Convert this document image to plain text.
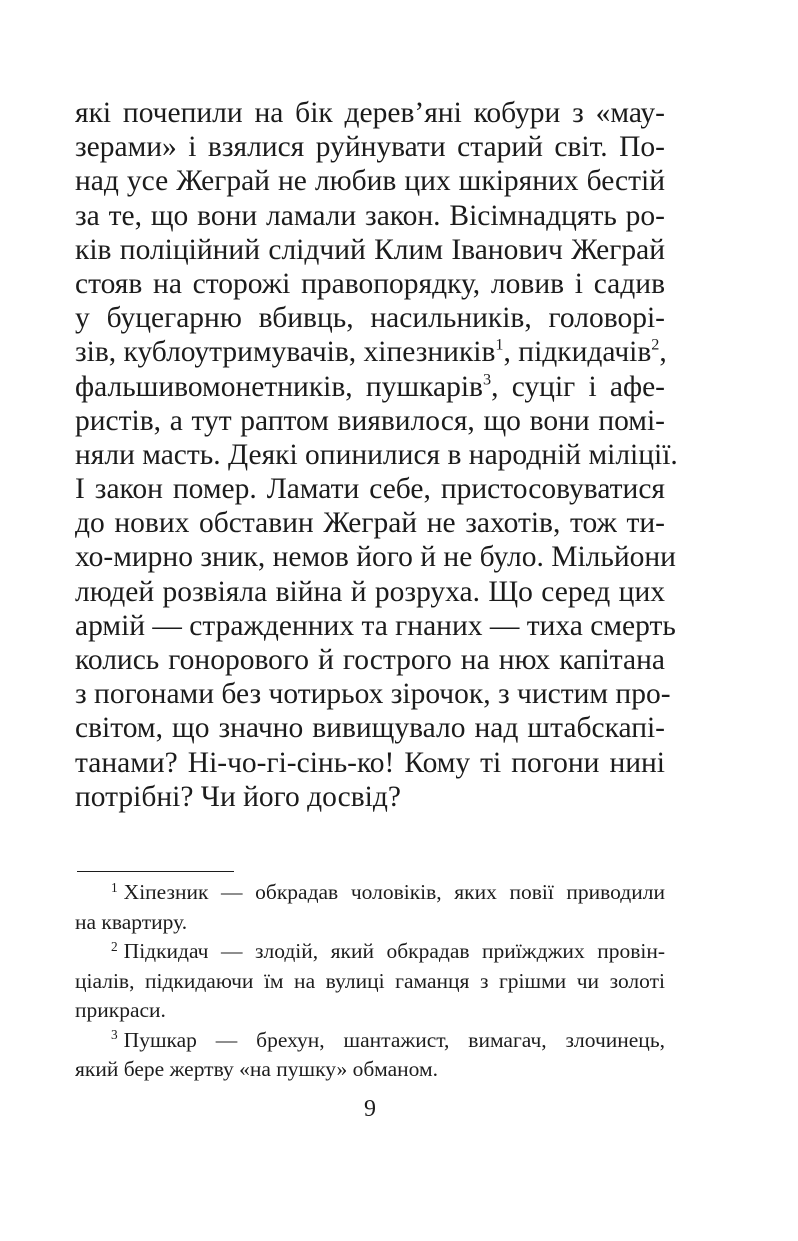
які почепили на бік дерев’яні кобури з «мау-
зерами» і взялися руйнувати старий світ. По-
над усе Жеграй не любив цих шкіряних бестій
за те, що вони ламали закон. Вісімнадцять ро-
ків поліційний слідчий Клим Іванович Жеграй
стояв на сторожі правопорядку, ловив і садив
у буцегарню вбивць, насильників, головорі-
зів, кублоутримувачів, хіпезників$^1$, підкидачів$^2$,
фальшивомонетників, пушкарів$^3$, суціг і афе-
ристів, а тут раптом виявилося, що вони помі-
няли масть. Деякі опинилися в народній міліції.
І закон помер. Ламати себе, пристосовуватися
до нових обставин Жеграй не захотів, тож ти-
хо-мирно зник, немов його й не було. Мільйони
людей розвіяла війна й розруха. Що серед цих
армій — стражденних та гнаних — тиха смерть
колись гонорового й гострого на нюх капітана
з погонами без чотирьох зірочок, з чистим про-
світом, що значно вивищувало над штабскапі-
танами? Ні-чо-гі-сінь-ко! Кому ті погони нині
потрібні? Чи його досвід?
$^1$ Хіпезник — обкрадав чоловіків, яких повії приводили
на квартиру.
$^2$ Підкидач — злодій, який обкрадав приїжджих провін-
ціалів, підкидаючи їм на вулиці гаманця з грішми чи золоті
прикраси.
$^3$ Пушкар — брехун, шантажист, вимагач, злочинець,
який бере жертву «на пушку» обманом.
9
